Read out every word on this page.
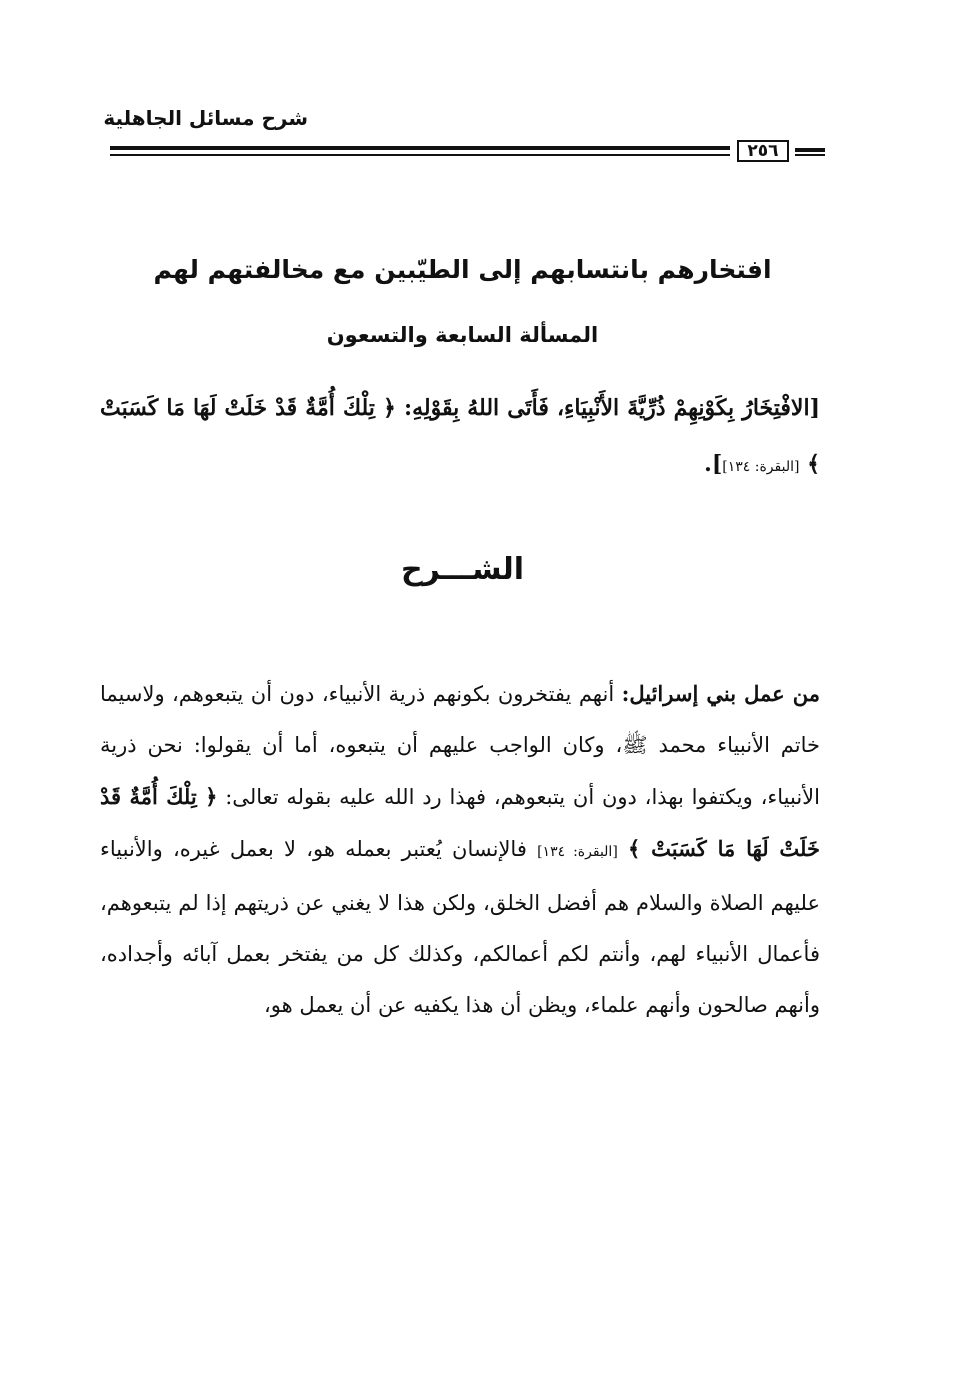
شرح مسائل الجاهلية
٢٥٦
افتخارهم بانتسابهم إلى الطيّبين مع مخالفتهم لهم
المسألة السابعة والتسعون
[الافْتِخَارُ بِكَوْنِهِمْ ذُرِّيَّةَ الأَنْبِيَاءِ، فَأَتَى اللهُ بِقَوْلِهِ: ﴿ تِلْكَ أُمَّةٌ قَدْ خَلَتْ لَهَا مَا كَسَبَتْ ﴾ [البقرة: ١٣٤]].
الشـــرح
من عمل بني إسرائيل: أنهم يفتخرون بكونهم ذرية الأنبياء، دون أن يتبعوهم، ولاسيما خاتم الأنبياء محمد ﷺ، وكان الواجب عليهم أن يتبعوه، أما أن يقولوا: نحن ذرية الأنبياء، ويكتفوا بهذا، دون أن يتبعوهم، فهذا رد الله عليه بقوله تعالى: ﴿ تِلْكَ أُمَّةٌ قَدْ خَلَتْ لَهَا مَا كَسَبَتْ ﴾ [البقرة: ١٣٤] فالإنسان يُعتبر بعمله هو، لا بعمل غيره، والأنبياء عليهم الصلاة والسلام هم أفضل الخلق، ولكن هذا لا يغني عن ذريتهم إذا لم يتبعوهم، فأعمال الأنبياء لهم، وأنتم لكم أعمالكم، وكذلك كل من يفتخر بعمل آبائه وأجداده، وأنهم صالحون وأنهم علماء، ويظن أن هذا يكفيه عن أن يعمل هو،
